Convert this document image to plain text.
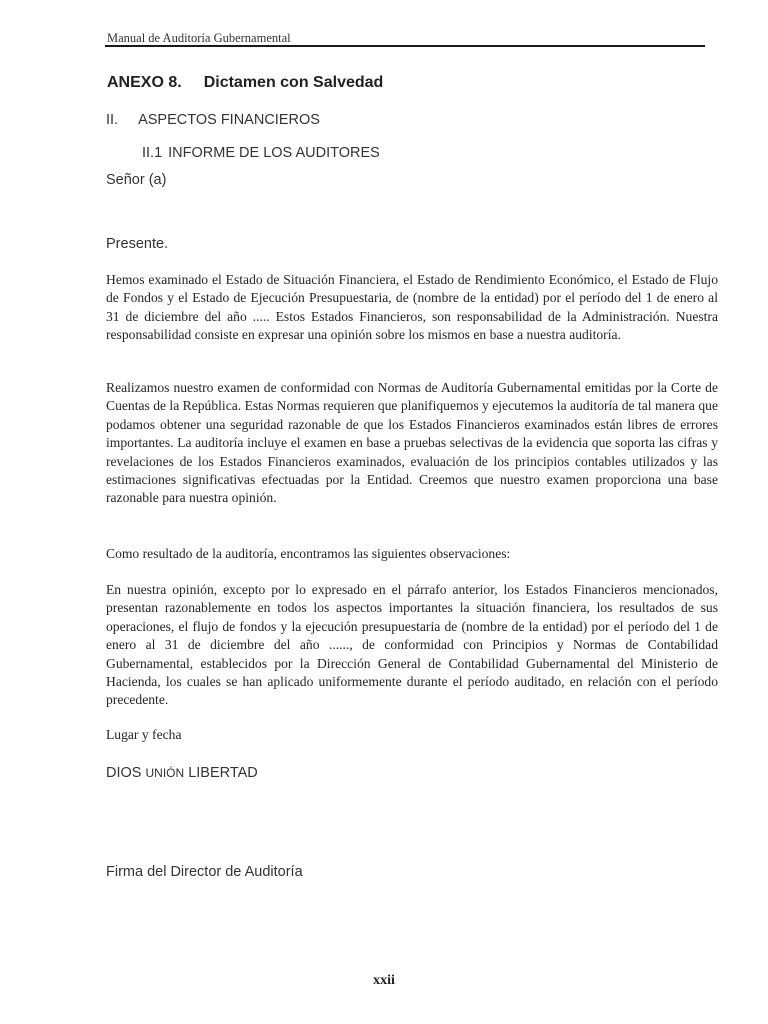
Manual de Auditoría Gubernamental
ANEXO 8. Dictamen con Salvedad
II. ASPECTOS FINANCIEROS
II.1 INFORME DE LOS AUDITORES
Señor (a)
Presente.

Hemos examinado el Estado de Situación Financiera, el Estado de Rendimiento Económico, el Estado de Flujo de Fondos y el Estado de Ejecución Presupuestaria, de (nombre de la entidad) por el período del 1 de enero al 31 de diciembre del año ..... Estos Estados Financieros, son responsabilidad de la Administración. Nuestra responsabilidad consiste en expresar una opinión sobre los mismos en base a nuestra auditoría.

Realizamos nuestro examen de conformidad con Normas de Auditoría Gubernamental emitidas por la Corte de Cuentas de la República. Estas Normas requieren que planifiquemos y ejecutemos la auditoría de tal manera que podamos obtener una seguridad razonable de que los Estados Financieros examinados están libres de errores importantes. La auditoría incluye el examen en base a pruebas selectivas de la evidencia que soporta las cifras y revelaciones de los Estados Financieros examinados, evaluación de los principios contables utilizados y las estimaciones significativas efectuadas por la Entidad. Creemos que nuestro examen proporciona una base razonable para nuestra opinión.

Como resultado de la auditoría, encontramos las siguientes observaciones:

En nuestra opinión, excepto por lo expresado en el párrafo anterior, los Estados Financieros mencionados, presentan razonablemente en todos los aspectos importantes la situación financiera, los resultados de sus operaciones, el flujo de fondos y la ejecución presupuestaria de (nombre de la entidad) por el período del 1 de enero al 31 de diciembre del año ......, de conformidad con Principios y Normas de Contabilidad Gubernamental, establecidos por la Dirección General de Contabilidad Gubernamental del Ministerio de Hacienda, los cuales se han aplicado uniformemente durante el período auditado, en relación con el período precedente.

Lugar y fecha
DIOS UNIÓN LIBERTAD
Firma del Director de Auditoría
xxii
